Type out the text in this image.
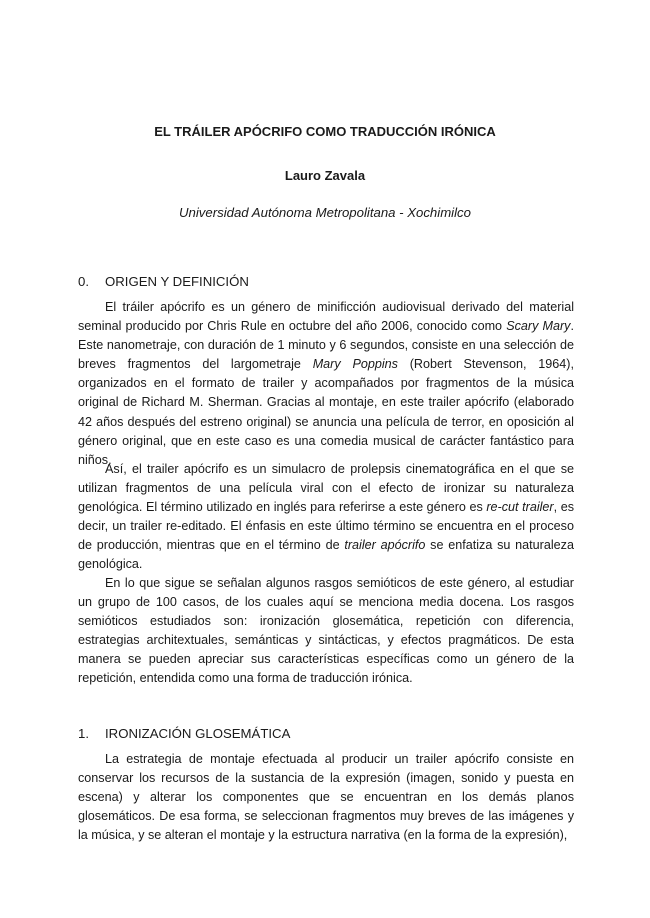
EL TRÁILER APÓCRIFO COMO TRADUCCIÓN IRÓNICA
Lauro Zavala
Universidad Autónoma Metropolitana - Xochimilco
0. ORIGEN Y DEFINICIÓN

El tráiler apócrifo es un género de minificción audiovisual derivado del material seminal producido por Chris Rule en octubre del año 2006, conocido como Scary Mary. Este nanometraje, con duración de 1 minuto y 6 segundos, consiste en una selección de breves fragmentos del largometraje Mary Poppins (Robert Stevenson, 1964), organizados en el formato de trailer y acompañados por fragmentos de la música original de Richard M. Sherman. Gracias al montaje, en este trailer apócrifo (elaborado 42 años después del estreno original) se anuncia una película de terror, en oposición al género original, que en este caso es una comedia musical de carácter fantástico para niños.

Así, el trailer apócrifo es un simulacro de prolepsis cinematográfica en el que se utilizan fragmentos de una película viral con el efecto de ironizar su naturaleza genológica. El término utilizado en inglés para referirse a este género es re-cut trailer, es decir, un trailer re-editado. El énfasis en este último término se encuentra en el proceso de producción, mientras que en el término de trailer apócrifo se enfatiza su naturaleza genológica.

En lo que sigue se señalan algunos rasgos semióticos de este género, al estudiar un grupo de 100 casos, de los cuales aquí se menciona media docena. Los rasgos semióticos estudiados son: ironización glosemática, repetición con diferencia, estrategias architextuales, semánticas y sintácticas, y efectos pragmáticos. De esta manera se pueden apreciar sus características específicas como un género de la repetición, entendida como una forma de traducción irónica.

1. IRONIZACIÓN GLOSEMÁTICA

La estrategia de montaje efectuada al producir un trailer apócrifo consiste en conservar los recursos de la sustancia de la expresión (imagen, sonido y puesta en escena) y alterar los componentes que se encuentran en los demás planos glosemáticos. De esa forma, se seleccionan fragmentos muy breves de las imágenes y la música, y se alteran el montaje y la estructura narrativa (en la forma de la expresión),
